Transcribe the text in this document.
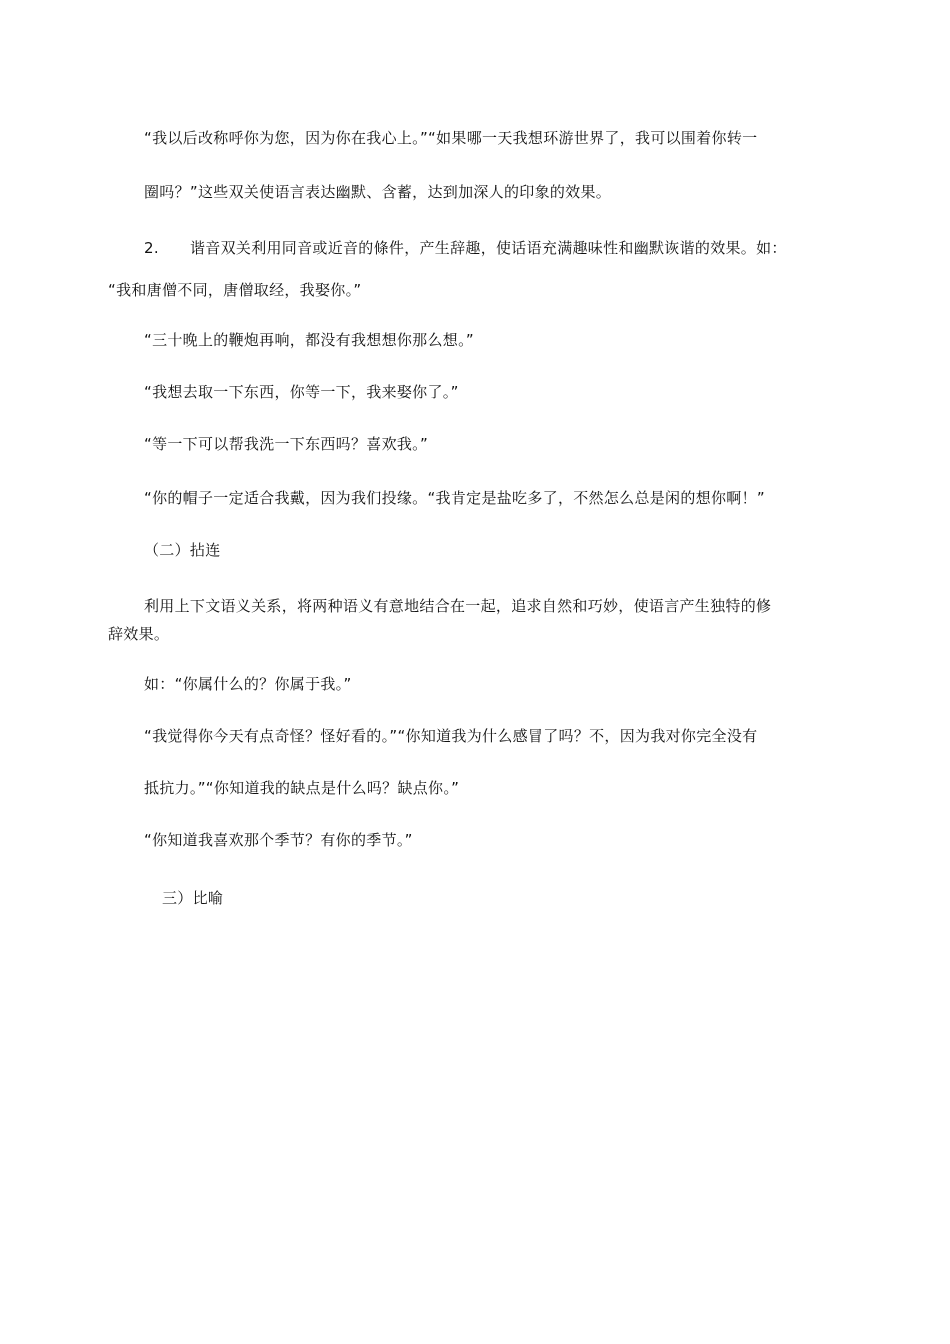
“我以后改称呼你为您，因为你在我心上。”“如果哪一天我想环游世界了，我可以围着你转一
圈吗？”这些双关使语言表达幽默、含蓄，达到加深人的印象的效果。
2. 谐音双关利用同音或近音的條件，产生辞趣，使话语充满趣味性和幽默诙谐的效果。如：
“我和唐僧不同，唐僧取经，我娶你。”
“三十晚上的鞭炮再响，都没有我想想你那么想。”
“我想去取一下东西，你等一下，我来娶你了。”
“等一下可以帮我洗一下东西吗？喜欢我。”
“你的帽子一定适合我戴，因为我们投缘。“我肯定是盐吃多了，不然怎么总是闲的想你啊！”
（二）拈连
利用上下文语义关系，将两种语义有意地结合在一起，追求自然和巧妙，使语言产生独特的修
辞效果。
如：“你属什么的？你属于我。”
“我觉得你今天有点奇怪？怪好看的。”“你知道我为什么感冒了吗？不，因为我对你完全没有
抵抗力。”“你知道我的缺点是什么吗？缺点你。”
“你知道我喜欢那个季节？有你的季节。”
三）比喻
